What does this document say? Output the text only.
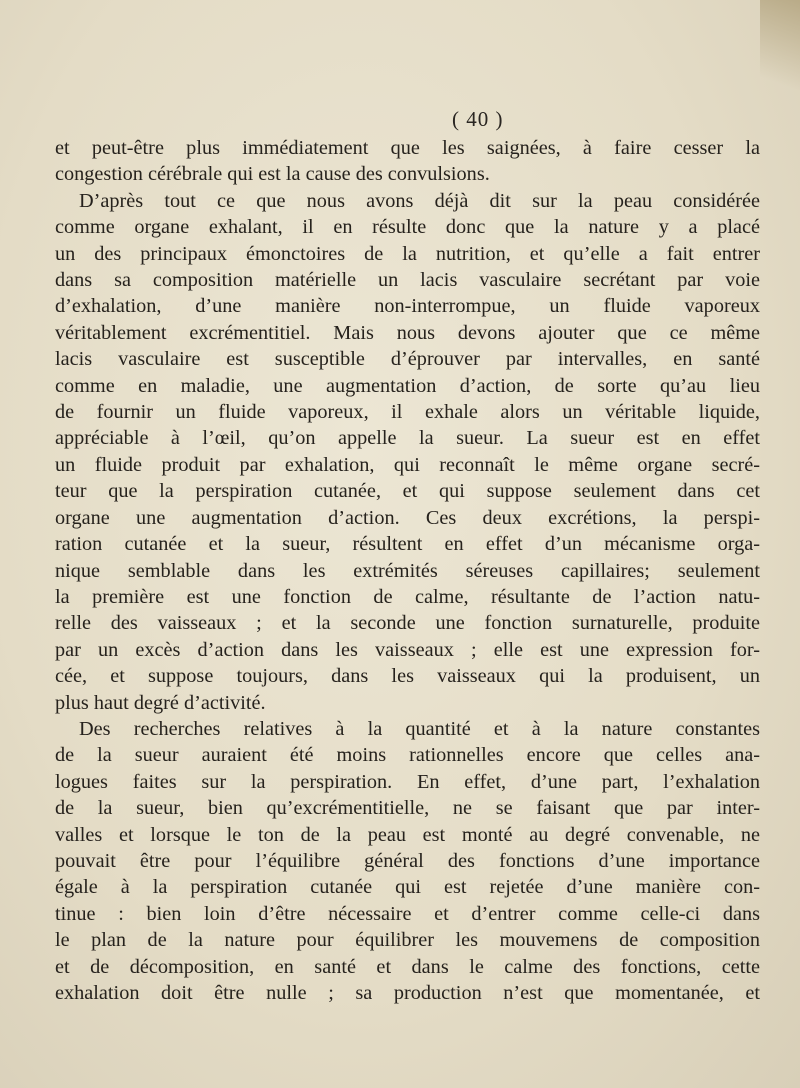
( 40 )
et peut-être plus immédiatement que les saignées, à faire cesser la
congestion cérébrale qui est la cause des convulsions.
D’après tout ce que nous avons déjà dit sur la peau considérée
comme organe exhalant, il en résulte donc que la nature y a placé
un des principaux émonctoires de la nutrition, et qu’elle a fait entrer
dans sa composition matérielle un lacis vasculaire secrétant par voie
d’exhalation, d’une manière non-interrompue, un fluide vaporeux
véritablement excrémentitiel. Mais nous devons ajouter que ce même
lacis vasculaire est susceptible d’éprouver par intervalles, en santé
comme en maladie, une augmentation d’action, de sorte qu’au lieu
de fournir un fluide vaporeux, il exhale alors un véritable liquide,
appréciable à l’œil, qu’on appelle la sueur. La sueur est en effet
un fluide produit par exhalation, qui reconnaît le même organe secré-
teur que la perspiration cutanée, et qui suppose seulement dans cet
organe une augmentation d’action. Ces deux excrétions, la perspi-
ration cutanée et la sueur, résultent en effet d’un mécanisme orga-
nique semblable dans les extrémités séreuses capillaires; seulement
la première est une fonction de calme, résultante de l’action natu-
relle des vaisseaux ; et la seconde une fonction surnaturelle, produite
par un excès d’action dans les vaisseaux ; elle est une expression for-
cée, et suppose toujours, dans les vaisseaux qui la produisent, un
plus haut degré d’activité.
Des recherches relatives à la quantité et à la nature constantes
de la sueur auraient été moins rationnelles encore que celles ana-
logues faites sur la perspiration. En effet, d’une part, l’exhalation
de la sueur, bien qu’excrémentitielle, ne se faisant que par inter-
valles et lorsque le ton de la peau est monté au degré convenable, ne
pouvait être pour l’équilibre général des fonctions d’une importance
égale à la perspiration cutanée qui est rejetée d’une manière con-
tinue : bien loin d’être nécessaire et d’entrer comme celle-ci dans
le plan de la nature pour équilibrer les mouvemens de composition
et de décomposition, en santé et dans le calme des fonctions, cette
exhalation doit être nulle ; sa production n’est que momentanée, et
